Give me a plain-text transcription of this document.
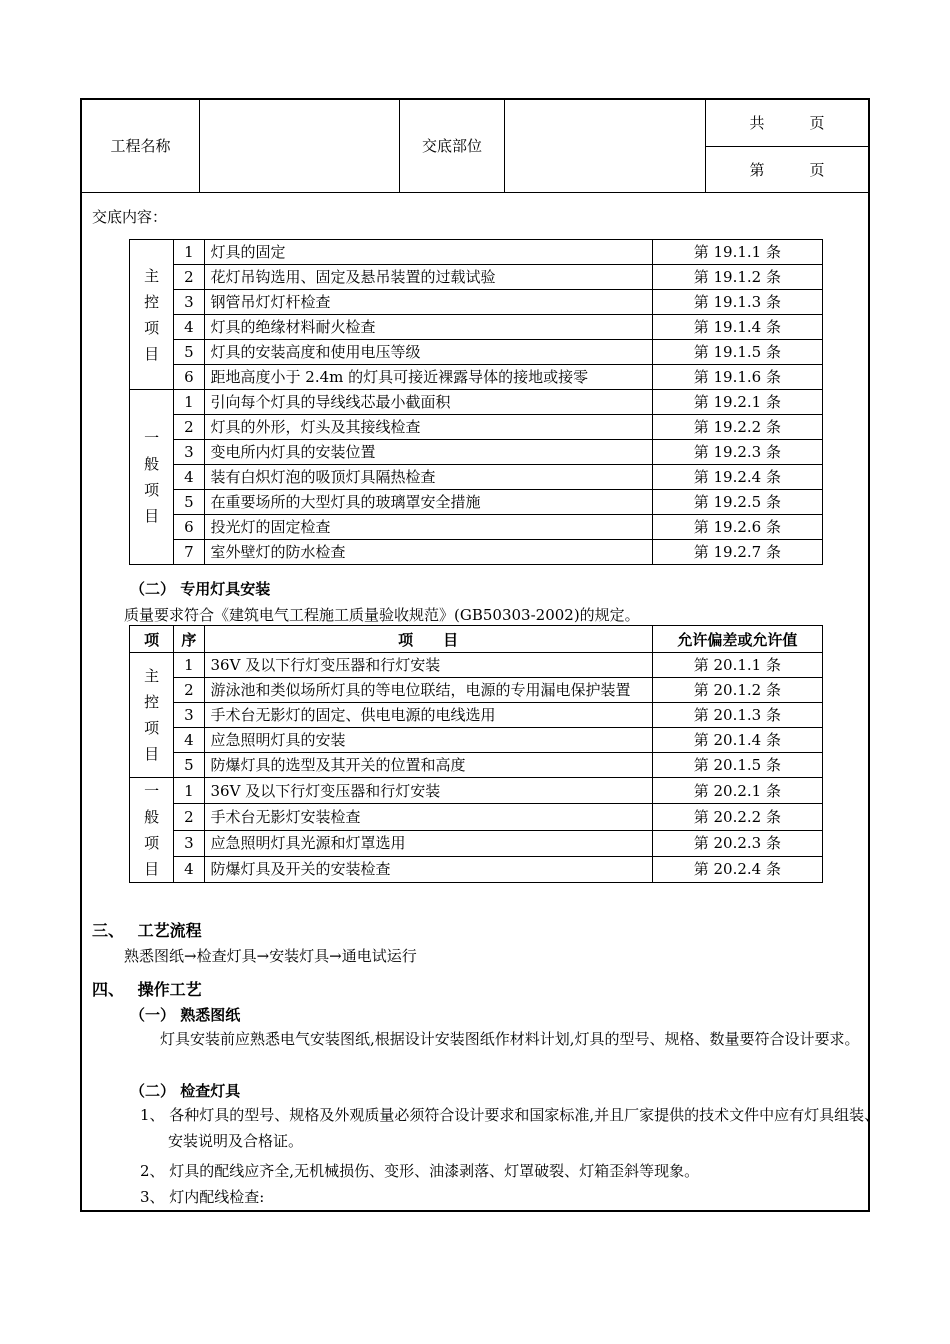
工程名称		交底部位		共　　　页
第　　　页
交底内容：
主
控
项
目	1	灯具的固定	第 19.1.1 条
	2	花灯吊钩选用、固定及悬吊装置的过载试验	第 19.1.2 条
	3	钢管吊灯灯杆检查	第 19.1.3 条
	4	灯具的绝缘材料耐火检查	第 19.1.4 条
	5	灯具的安装高度和使用电压等级	第 19.1.5 条
	6	距地高度小于 2.4m 的灯具可接近裸露导体的接地或接零	第 19.1.6 条

一
般
项
目	1	引向每个灯具的导线线芯最小截面积	第 19.2.1 条
	2	灯具的外形，灯头及其接线检查	第 19.2.2 条
	3	变电所内灯具的安装位置	第 19.2.3 条
	4	装有白炽灯泡的吸顶灯具隔热检查	第 19.2.4 条
	5	在重要场所的大型灯具的玻璃罩安全措施	第 19.2.5 条
	6	投光灯的固定检查	第 19.2.6 条
	7	室外壁灯的防水检查	第 19.2.7 条
（二） 专用灯具安装
质量要求符合《建筑电气工程施工质量验收规范》(GB50303-2002)的规定。
项	序	项　　目	允许偏差或允许值

主
控
项
目	1	36V 及以下行灯变压器和行灯安装	第 20.1.1 条
	2	游泳池和类似场所灯具的等电位联结，电源的专用漏电保护装置	第 20.1.2 条
	3	手术台无影灯的固定、供电电源的电线选用	第 20.1.3 条
	4	应急照明灯具的安装	第 20.1.4 条
	5	防爆灯具的选型及其开关的位置和高度	第 20.1.5 条

一
般
项
目	1	36V 及以下行灯变压器和行灯安装	第 20.2.1 条
	2	手术台无影灯安装检查	第 20.2.2 条
	3	应急照明灯具光源和灯罩选用	第 20.2.3 条
	4	防爆灯具及开关的安装检查	第 20.2.4 条
三、　 工艺流程
熟悉图纸→检查灯具→安装灯具→通电试运行
四、　 操作工艺
（一） 熟悉图纸
灯具安装前应熟悉电气安装图纸,根据设计安装图纸作材料计划,灯具的型号、规格、数量要符合设计要求。
（二） 检查灯具
1、 各种灯具的型号、规格及外观质量必须符合设计要求和国家标准,并且厂家提供的技术文件中应有灯具组装、安装说明及合格证。
2、 灯具的配线应齐全,无机械损伤、变形、油漆剥落、灯罩破裂、灯箱歪斜等现象。
3、 灯内配线检查:
